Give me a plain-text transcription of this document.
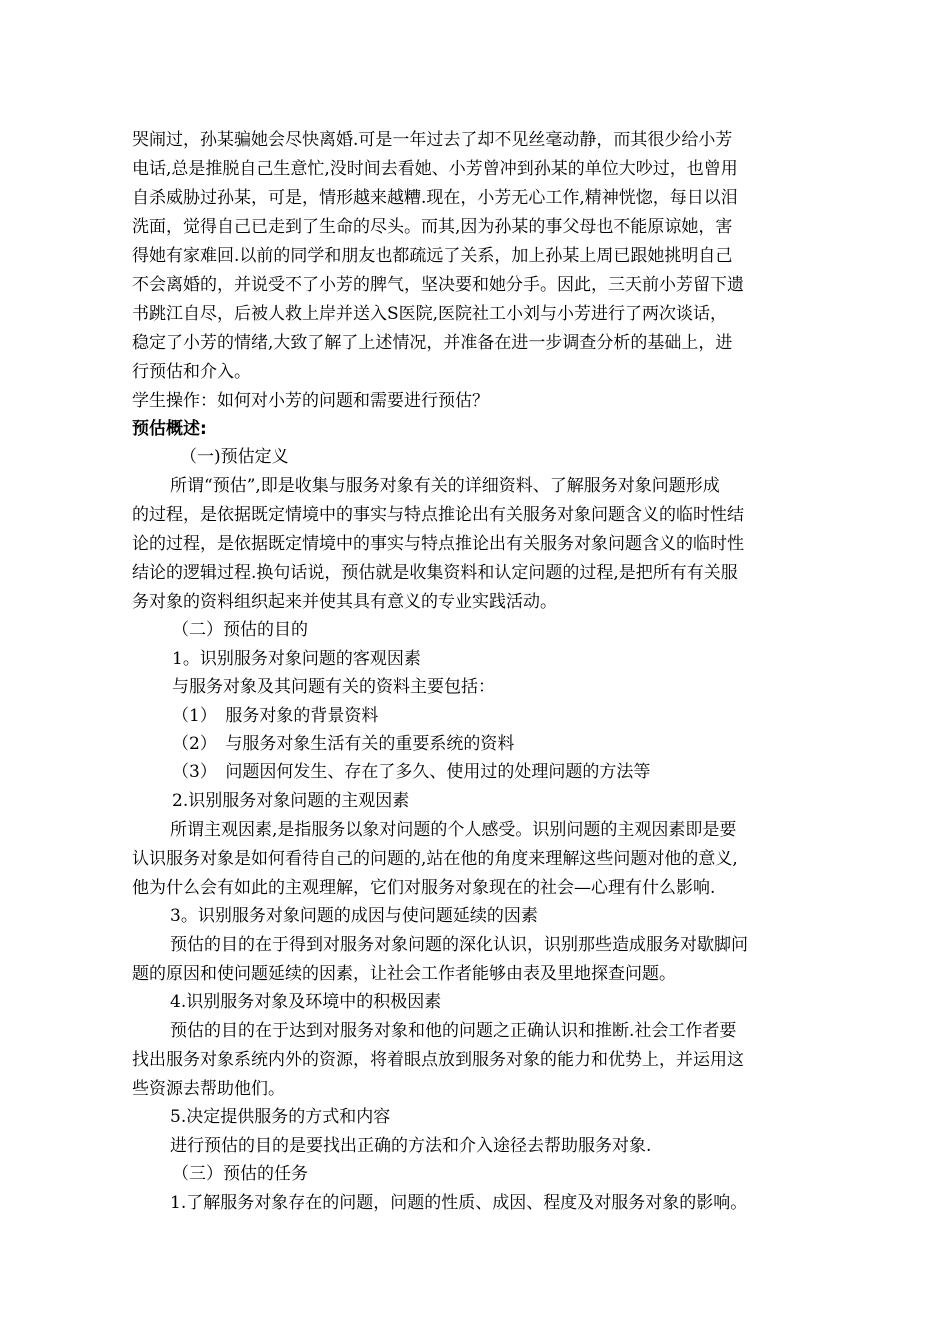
哭闹过，孙某骗她会尽快离婚.可是一年过去了却不见丝毫动静，而其很少给小芳
电话,总是推脱自己生意忙,没时间去看她、小芳曾冲到孙某的单位大吵过，也曾用
自杀威胁过孙某，可是，情形越来越糟.现在，小芳无心工作,精神恍惚，每日以泪
洗面，觉得自己已走到了生命的尽头。而其,因为孙某的事父母也不能原谅她，害
得她有家难回.以前的同学和朋友也都疏远了关系，加上孙某上周已跟她挑明自己
不会离婚的，并说受不了小芳的脾气，坚决要和她分手。因此，三天前小芳留下遗
书跳江自尽，后被人救上岸并送入S医院,医院社工小刘与小芳进行了两次谈话，
稳定了小芳的情绪,大致了解了上述情况，并准备在进一步调查分析的基础上，进
行预估和介入。
学生操作：如何对小芳的问题和需要进行预估？
预估概述:
（一)预估定义
所谓“预估”,即是收集与服务对象有关的详细资料、了解服务对象问题形成
的过程，是依据既定情境中的事实与特点推论出有关服务对象问题含义的临时性结
论的过程，是依据既定情境中的事实与特点推论出有关服务对象问题含义的临时性
结论的逻辑过程.换句话说，预估就是收集资料和认定问题的过程,是把所有有关服
务对象的资料组织起来并使其具有意义的专业实践活动。
（二）预估的目的
1。识别服务对象问题的客观因素
与服务对象及其问题有关的资料主要包括：
（1）　服务对象的背景资料
（2）　与服务对象生活有关的重要系统的资料
（3）　问题因何发生、存在了多久、使用过的处理问题的方法等
2.识别服务对象问题的主观因素
所谓主观因素,是指服务以象对问题的个人感受。识别问题的主观因素即是要
认识服务对象是如何看待自己的问题的,站在他的角度来理解这些问题对他的意义,
他为什么会有如此的主观理解，它们对服务对象现在的社会—心理有什么影响.
3。识别服务对象问题的成因与使问题延续的因素
预估的目的在于得到对服务对象问题的深化认识，识别那些造成服务对歇脚问
题的原因和使问题延续的因素，让社会工作者能够由表及里地探查问题。
4.识别服务对象及环境中的积极因素
预估的目的在于达到对服务对象和他的问题之正确认识和推断.社会工作者要
找出服务对象系统内外的资源，将着眼点放到服务对象的能力和优势上，并运用这
些资源去帮助他们。
5.决定提供服务的方式和内容
进行预估的目的是要找出正确的方法和介入途径去帮助服务对象.
（三）预估的任务
1.了解服务对象存在的问题，问题的性质、成因、程度及对服务对象的影响。
